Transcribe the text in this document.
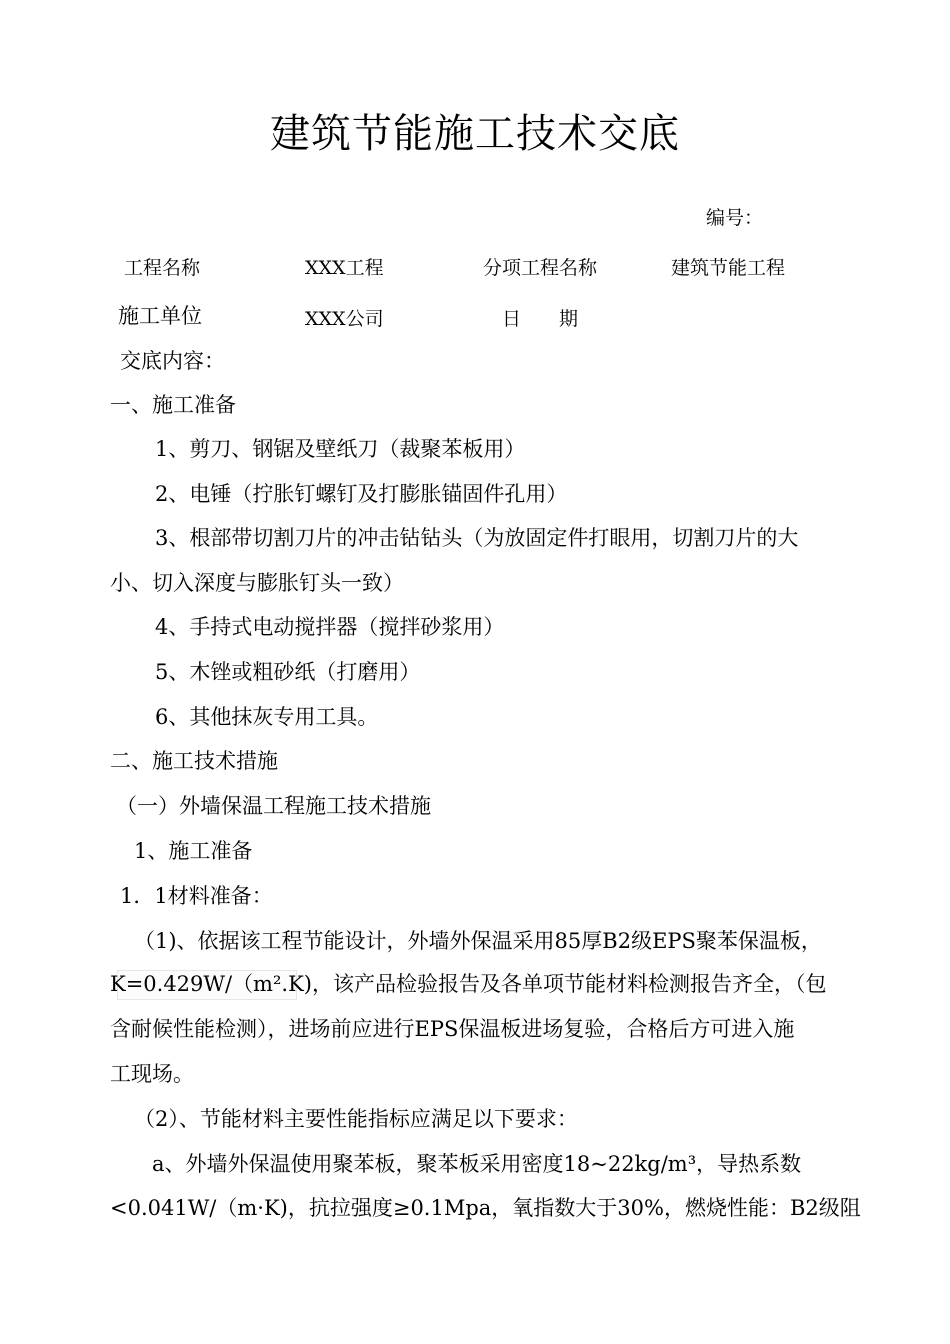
建筑节能施工技术交底
编号：
工程名称	XXX工程	分项工程名称	建筑节能工程
施工单位	XXX公司	日　　期
交底内容：
一、施工准备
1、剪刀、钢锯及壁纸刀（裁聚苯板用）
2、电锤（拧胀钉螺钉及打膨胀锚固件孔用）
3、根部带切割刀片的冲击钻钻头（为放固定件打眼用，切割刀片的大
小、切入深度与膨胀钉头一致）
4、手持式电动搅拌器（搅拌砂浆用）
5、木锉或粗砂纸（打磨用）
6、其他抹灰专用工具。
二、施工技术措施
（一）外墙保温工程施工技术措施
1、施工准备
1．1材料准备：
（1)、依据该工程节能设计，外墙外保温采用85厚B2级EPS聚苯保温板，
K=0.429W/（m².K)，该产品检验报告及各单项节能材料检测报告齐全，（包
含耐候性能检测），进场前应进行EPS保温板进场复验，合格后方可进入施
工现场。
（2）、节能材料主要性能指标应满足以下要求：
a、外墙外保温使用聚苯板，聚苯板采用密度18~22kg/m³，导热系数
<0.041W/（m·K)，抗拉强度≥0.1Mpa，氧指数大于30%，燃烧性能：B2级阻
